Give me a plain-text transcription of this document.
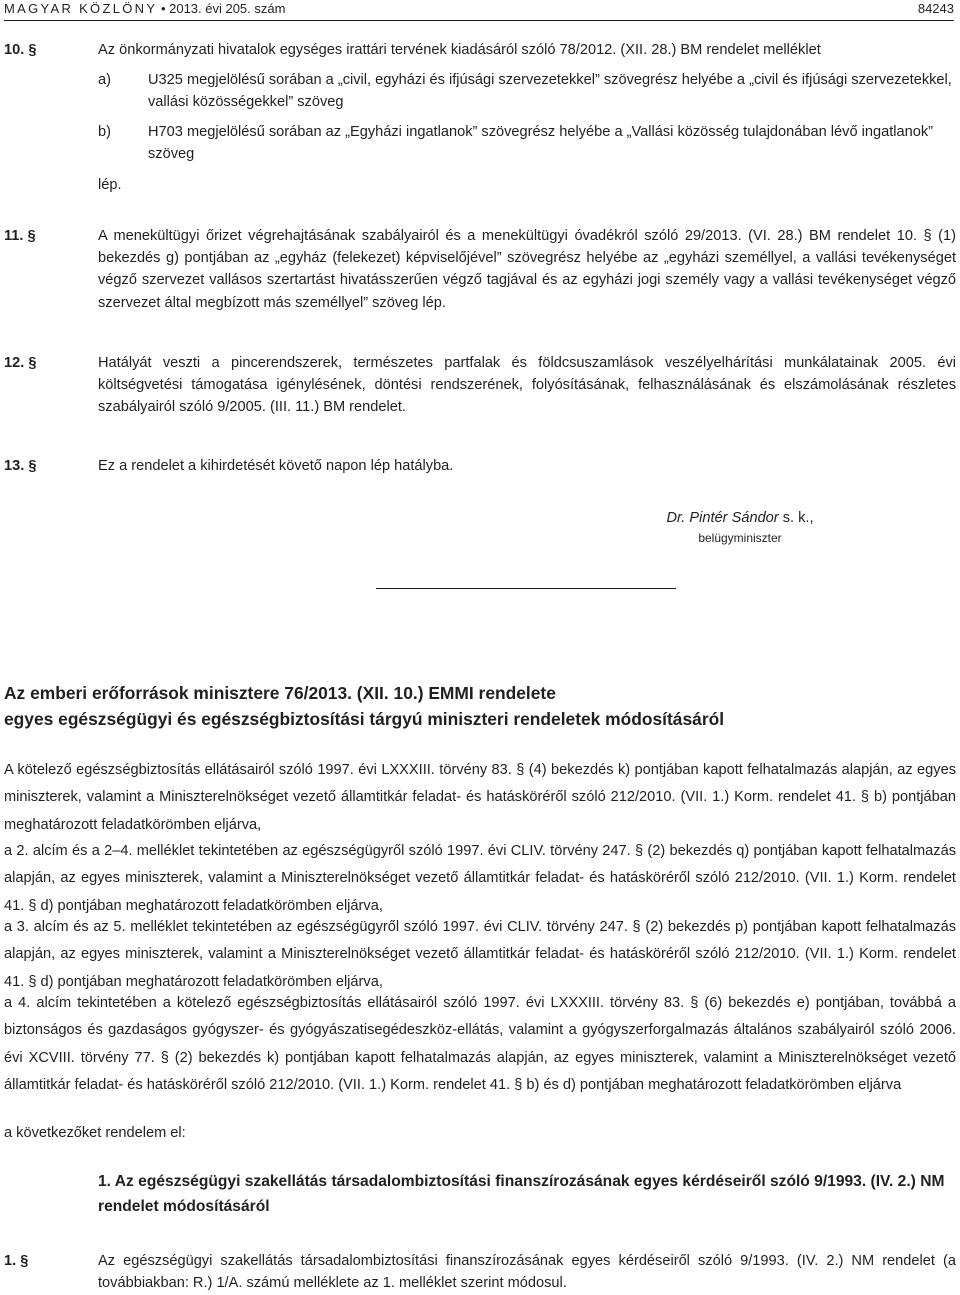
MAGYAR KÖZLÖNY • 2013. évi 205. szám	84243
10. §	Az önkormányzati hivatalok egységes irattári tervének kiadásáról szóló 78/2012. (XII. 28.) BM rendelet melléklet
a)	U325 megjelölésű sorában a „civil, egyházi és ifjúsági szervezetekkel” szövegrész helyébe a „civil és ifjúsági szervezetekkel, vallási közösségekkel” szöveg
b)	H703 megjelölésű sorában az „Egyházi ingatlanok” szövegrész helyébe a „Vallási közösség tulajdonában lévő ingatlanok” szöveg
lép.
11. §	A menekültügyi őrizet végrehajtásának szabályairól és a menekültügyi óvadékról szóló 29/2013. (VI. 28.) BM rendelet 10. § (1) bekezdés g) pontjában az „egyház (felekezet) képviselőjével” szövegrész helyébe az „egyházi személlyel, a vallási tevékenységet végző szervezet vallásos szertartást hivatásszerűen végző tagjával és az egyházi jogi személy vagy a vallási tevékenységet végző szervezet által megbízott más személlyel” szöveg lép.
12. §	Hatályát veszti a pincerendszerek, természetes partfalak és földcsuszamlások veszélyelhárítási munkálatainak 2005. évi költségvetési támogatása igénylésének, döntési rendszerének, folyósításának, felhasználásának és elszámolásának részletes szabályairól szóló 9/2005. (III. 11.) BM rendelet.
13. §	Ez a rendelet a kihirdetését követő napon lép hatályba.
Dr. Pintér Sándor s. k.,
belügyminiszter
Az emberi erőforrások minisztere 76/2013. (XII. 10.) EMMI rendelete
egyes egészségügyi és egészségbiztosítási tárgyú miniszteri rendeletek módosításáról
A kötelező egészségbiztosítás ellátásairól szóló 1997. évi LXXXIII. törvény 83. § (4) bekezdés k) pontjában kapott felhatalmazás alapján, az egyes miniszterek, valamint a Miniszterelnökséget vezető államtitkár feladat- és hatásköréről szóló 212/2010. (VII. 1.) Korm. rendelet 41. § b) pontjában meghatározott feladatkörömben eljárva,
a 2. alcím és a 2–4. melléklet tekintetében az egészségügyről szóló 1997. évi CLIV. törvény 247. § (2) bekezdés q) pontjában kapott felhatalmazás alapján, az egyes miniszterek, valamint a Miniszterelnökséget vezető államtitkár feladat- és hatásköréről szóló 212/2010. (VII. 1.) Korm. rendelet 41. § d) pontjában meghatározott feladatkörömben eljárva,
a 3. alcím és az 5. melléklet tekintetében az egészségügyről szóló 1997. évi CLIV. törvény 247. § (2) bekezdés p) pontjában kapott felhatalmazás alapján, az egyes miniszterek, valamint a Miniszterelnökséget vezető államtitkár feladat- és hatásköréről szóló 212/2010. (VII. 1.) Korm. rendelet 41. § d) pontjában meghatározott feladatkörömben eljárva,
a 4. alcím tekintetében a kötelező egészségbiztosítás ellátásairól szóló 1997. évi LXXXIII. törvény 83. § (6) bekezdés e) pontjában, továbbá a biztonságos és gazdaságos gyógyszer- és gyógyászatisegédeszköz-ellátás, valamint a gyógyszerforgalmazás általános szabályairól szóló 2006. évi XCVIII. törvény 77. § (2) bekezdés k) pontjában kapott felhatalmazás alapján, az egyes miniszterek, valamint a Miniszterelnökséget vezető államtitkár feladat- és hatásköréről szóló 212/2010. (VII. 1.) Korm. rendelet 41. § b) és d) pontjában meghatározott feladatkörömben eljárva
a következőket rendelem el:
1. Az egészségügyi szakellátás társadalombiztosítási finanszírozásának egyes kérdéseiről szóló 9/1993. (IV. 2.) NM rendelet módosításáról
1. §	Az egészségügyi szakellátás társadalombiztosítási finanszírozásának egyes kérdéseiről szóló 9/1993. (IV. 2.) NM rendelet (a továbbiakban: R.) 1/A. számú melléklete az 1. melléklet szerint módosul.
